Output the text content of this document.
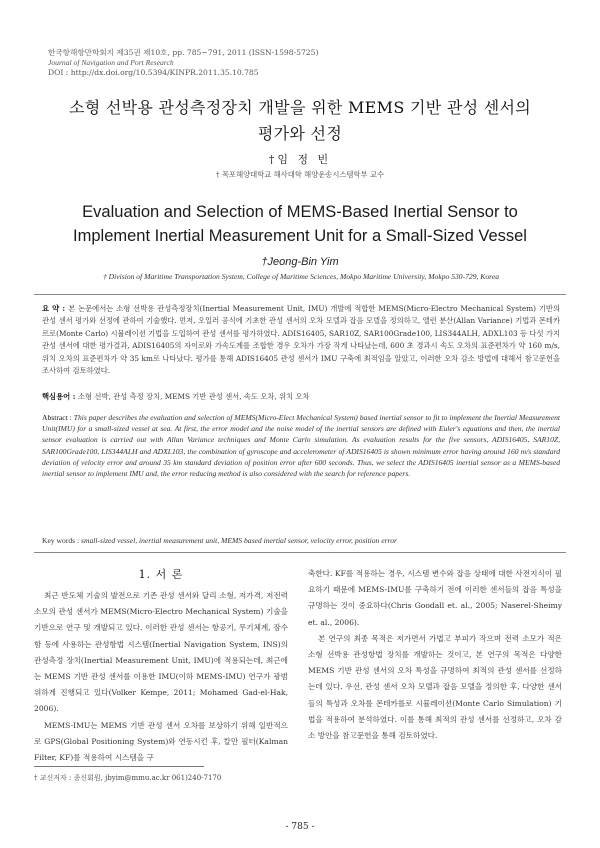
한국항해항만학회지 제35권 제10호, pp. 785~791, 2011 (ISSN-1598-5725)
Journal of Navigation and Port Research
DOI : http://dx.doi.org/10.5394/KINPR.2011.35.10.785
소형 선박용 관성측정장치 개발을 위한 MEMS 기반 관성 센서의
평가와 선정
†임 정 빈
† 목포해양대학교 해사대학 해양운송시스템학부 교수
Evaluation and Selection of MEMS-Based Inertial Sensor to
Implement Inertial Measurement Unit for a Small-Sized Vessel
†Jeong-Bin Yim
† Division of Maritime Transportation System, College of Maritime Sciences, Mokpo Maritime University, Mokpo 530-729, Korea
요 약 : 본 논문에서는 소형 선박용 관성측정장치(Inertial Measurement Unit, IMU) 개발에 적합한 MEMS(Micro-Electro Mechanical System) 기반의 관성 센서 평가와 선정에 관하여 기술했다. 먼저, 오일러 공식에 기초한 관성 센서의 오차 모델과 잡음 모델을 정의하고, 앨런 분산(Allan Variance) 기법과 몬테카르로(Monte Carlo) 시뮬레이션 기법을 도입하여 관성 센서를 평가하였다. ADIS16405, SAR10Z, SAR100Grade100, LIS344ALH, ADXL103 등 다섯 가지 관성 센서에 대한 평가결과, ADIS16405의 자이로와 가속도계를 조합한 경우 오차가 가장 작게 나타났는데, 600 초 경과시 속도 오차의 표준편차가 약 160 m/s, 위치 오차의 표준편차가 약 35 km로 나타났다. 평가를 통해 ADIS16405 관성 센서가 IMU 구축에 최적임을 알았고, 이러한 오차 감소 방법에 대해서 참고문헌을 조사하여 검토하였다.
핵심용어 : 소형 선박, 관성 측정 장치, MEMS 기반 관성 센서, 속도 오차, 위치 오차
Abstract : This paper describes the evaluation and selection of MEMS(Micro-Elect Mechanical System) based inertial sensor to fit to implement the Inertial Measurement Unit(IMU) for a small-sized vessel at sea. At first, the error model and the noise model of the inertial sensors are defined with Euler's equations and then, the inertial sensor evaluation is carried out with Allan Variance techniques and Monte Carlo simulation. As evaluation results for the five sensors, ADIS16405, SAR10Z, SAR100Grade100, LIS344ALH and ADXL103, the combination of gyroscope and accelerometer of ADIS16405 is shown minimum error having around 160 m/s standard deviation of velocity error and around 35 km standard deviation of position error after 600 seconds. Thus, we select the ADIS16405 inertial sensor as a MEMS-based inertial sensor to implement IMU and, the error reducing method is also considered with the search for reference papers.
Key words : small-sized vessel, inertial measurement unit, MEMS based inertial sensor, velocity error, position error
1. 서 론

최근 반도체 기술의 발전으로 기존 관성 센서와 달리 소형, 저가격, 저전력 소모의 관성 센서가 MEMS(Micro-Electro Mechanical System) 기술을 기반으로 연구 및 개발되고 있다. 이러한 관성 센서는 항공기, 무기체계, 잠수함 등에 사용하는 관성항법 시스템(Inertial Navigation System, INS)의 관성측정 장치(Inertial Measurement Unit, IMU)에 적용되는데, 최근에는 MEMS 기반 관성 센서를 이용한 IMU(이하 MEMS-IMU) 연구가 광범위하게 진행되고 있다(Volker Kempe, 2011; Mohamed Gad-el-Hak, 2006).

MEMS-IMU는 MEMS 기반 관성 센서 오차를 보상하기 위해 일반적으로 GPS(Global Positioning System)와 연동시킨 후, 칼만 필터(Kalman Filter, KF)를 적용하여 시스템을 구

축한다. KF를 적용하는 경우, 시스템 변수와 잡음 상태에 대한 사전지식이 필요하기 때문에 MEMS-IMU를 구축하기 전에 이러한 센서들의 잡음 특성을 규명하는 것이 중요하다(Chris Goodall et. al., 2005; Naserel-Sheimy et. al., 2006).

본 연구의 최종 목적은 저가면서 가볍고 부피가 작으며 전력 소모가 적은 소형 선박용 관성항법 장치를 개발하는 것이고, 본 연구의 목적은 다양한 MEMS 기반 관성 센서의 오차 특성을 규명하여 최적의 관성 센서를 선정하는데 있다. 우선, 관성 센서 오차 모델과 잡음 모델을 정의한 후, 다양한 센서들의 특성과 오차를 몬테카를로 시뮬레이션(Monte Carlo Simulation) 기법을 적용하여 분석하였다. 이를 통해 최적의 관성 센서를 선정하고, 오차 감소 방안을 참고문헌을 통해 검토하였다.

† 교신저자 : 종신회원, jbyim@mmu.ac.kr 061)240-7170
- 785 -
